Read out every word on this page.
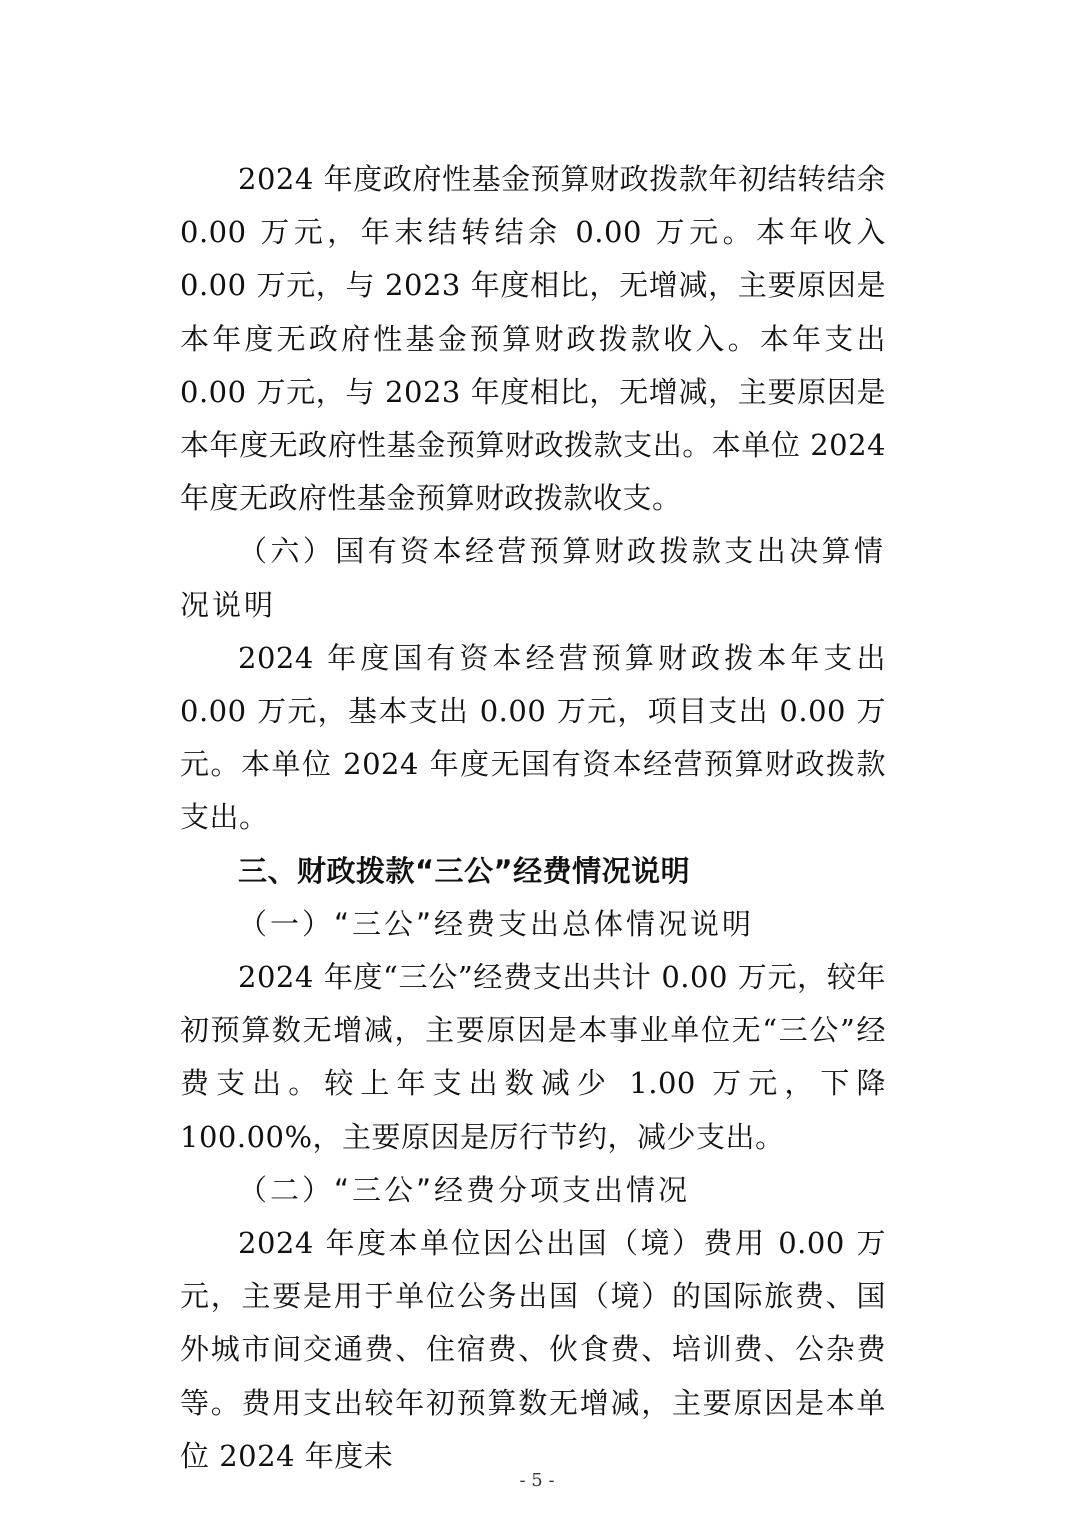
2024 年度政府性基金预算财政拨款年初结转结余 0.00 万元，年末结转结余 0.00 万元。本年收入 0.00 万元，与 2023 年度相比，无增减，主要原因是本年度无政府性基金预算财政拨款收入。本年支出 0.00 万元，与 2023 年度相比，无增减，主要原因是本年度无政府性基金预算财政拨款支出。本单位 2024 年度无政府性基金预算财政拨款收支。

（六）国有资本经营预算财政拨款支出决算情况说明

2024 年度国有资本经营预算财政拨本年支出 0.00 万元，基本支出 0.00 万元，项目支出 0.00 万元。本单位 2024 年度无国有资本经营预算财政拨款支出。

三、财政拨款“三公”经费情况说明

（一）“三公”经费支出总体情况说明

2024 年度“三公”经费支出共计 0.00 万元，较年初预算数无增减，主要原因是本事业单位无“三公”经费支出。较上年支出数减少 1.00 万元，下降 100.00%，主要原因是厉行节约，减少支出。

（二）“三公”经费分项支出情况

2024 年度本单位因公出国（境）费用 0.00 万元，主要是用于单位公务出国（境）的国际旅费、国外城市间交通费、住宿费、伙食费、培训费、公杂费等。费用支出较年初预算数无增减，主要原因是本单位 2024 年度未

- 5 -
